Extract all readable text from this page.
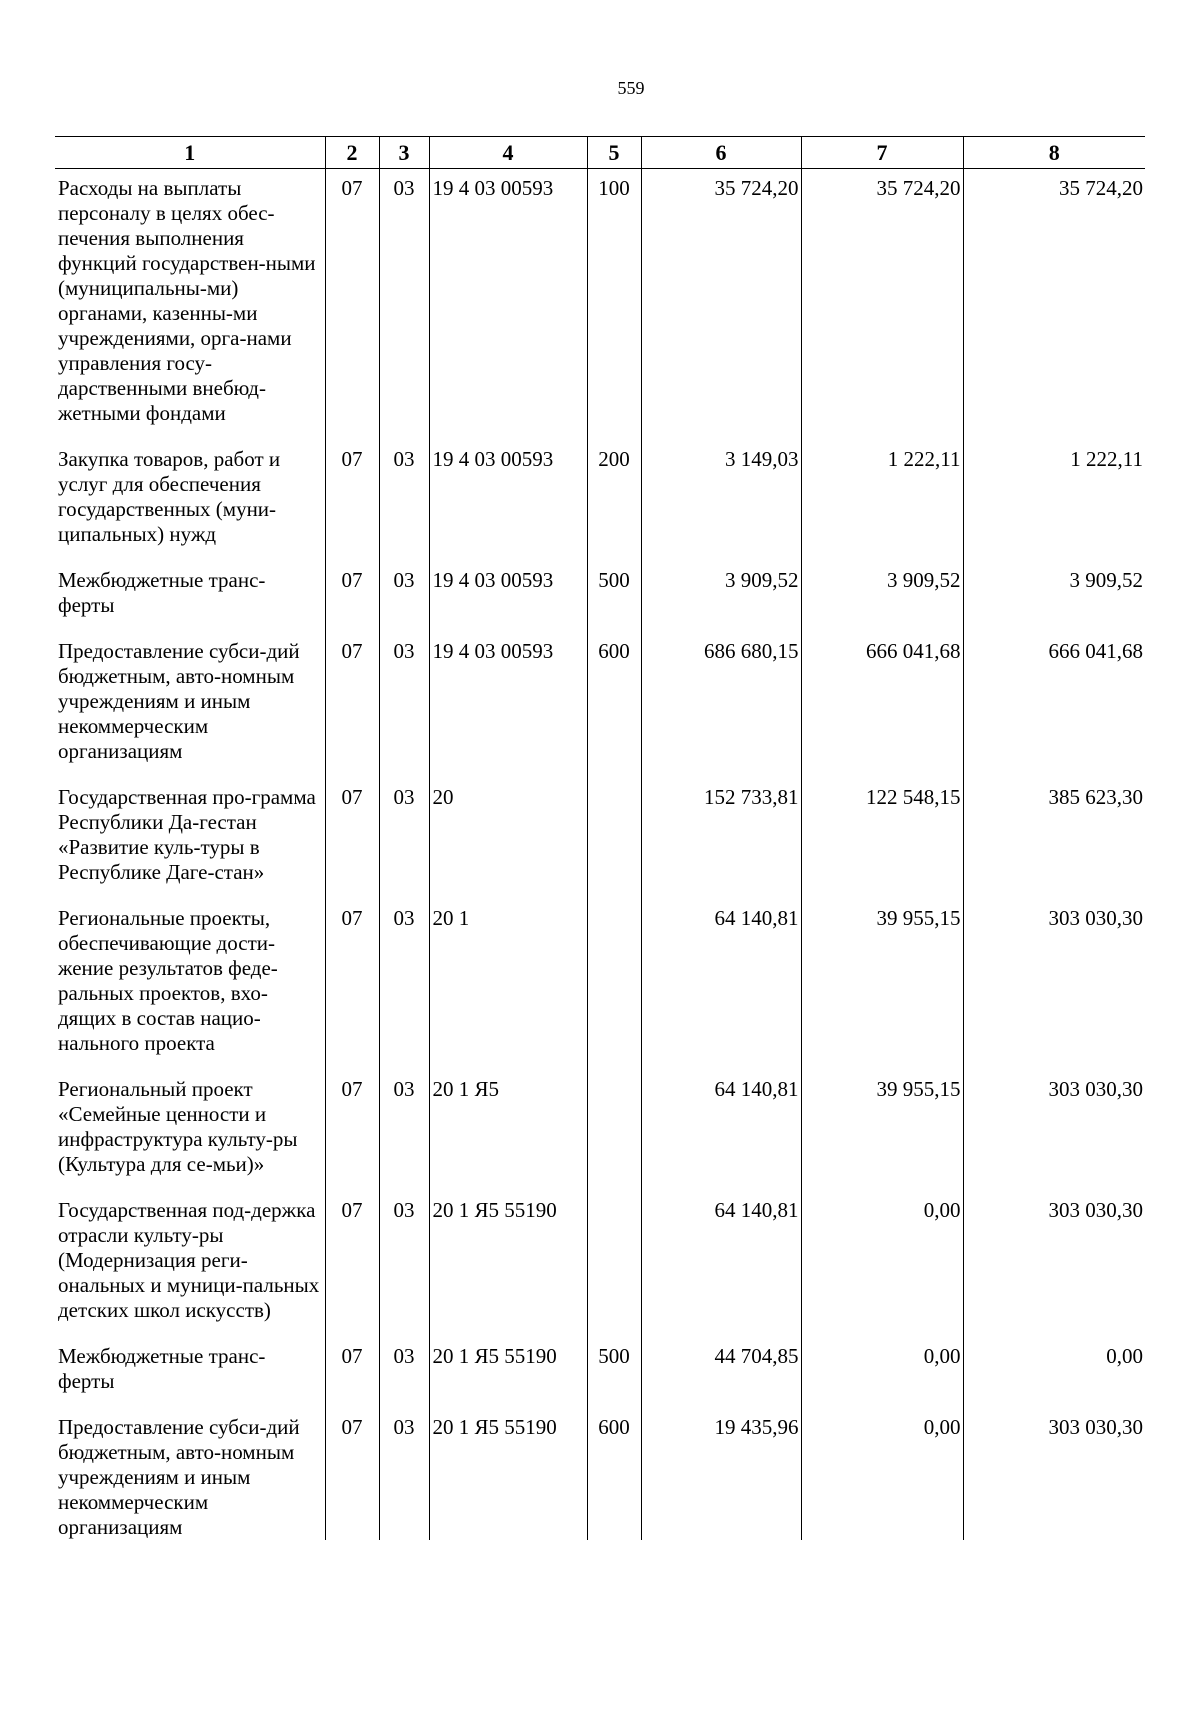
559
1	2	3	4	5	6	7	8
Расходы на выплаты персоналу в целях обес-печения выполнения функций государствен-ными (муниципальны-ми) органами, казенны-ми учреждениями, орга-нами управления госу-дарственными внебюд-жетными фондами	07	03	19 4 03 00593	100	35 724,20	35 724,20	35 724,20

Закупка товаров, работ и услуг для обеспечения государственных (муни-ципальных) нужд	07	03	19 4 03 00593	200	3 149,03	1 222,11	1 222,11

Межбюджетные транс-ферты	07	03	19 4 03 00593	500	3 909,52	3 909,52	3 909,52

Предоставление субси-дий бюджетным, авто-номным учреждениям и иным некоммерческим организациям	07	03	19 4 03 00593	600	686 680,15	666 041,68	666 041,68

Государственная про-грамма Республики Да-гестан «Развитие куль-туры в Республике Даге-стан»	07	03	20		152 733,81	122 548,15	385 623,30

Региональные проекты, обеспечивающие дости-жение результатов феде-ральных проектов, вхо-дящих в состав нацио-нального проекта	07	03	20 1		64 140,81	39 955,15	303 030,30

Региональный проект «Семейные ценности и инфраструктура культу-ры (Культура для се-мьи)»	07	03	20 1 Я5		64 140,81	39 955,15	303 030,30

Государственная под-держка отрасли культу-ры (Модернизация реги-ональных и муници-пальных детских школ искусств)	07	03	20 1 Я5 55190		64 140,81	0,00	303 030,30

Межбюджетные транс-ферты	07	03	20 1 Я5 55190	500	44 704,85	0,00	0,00

Предоставление субси-дий бюджетным, авто-номным учреждениям и иным некоммерческим организациям	07	03	20 1 Я5 55190	600	19 435,96	0,00	303 030,30
